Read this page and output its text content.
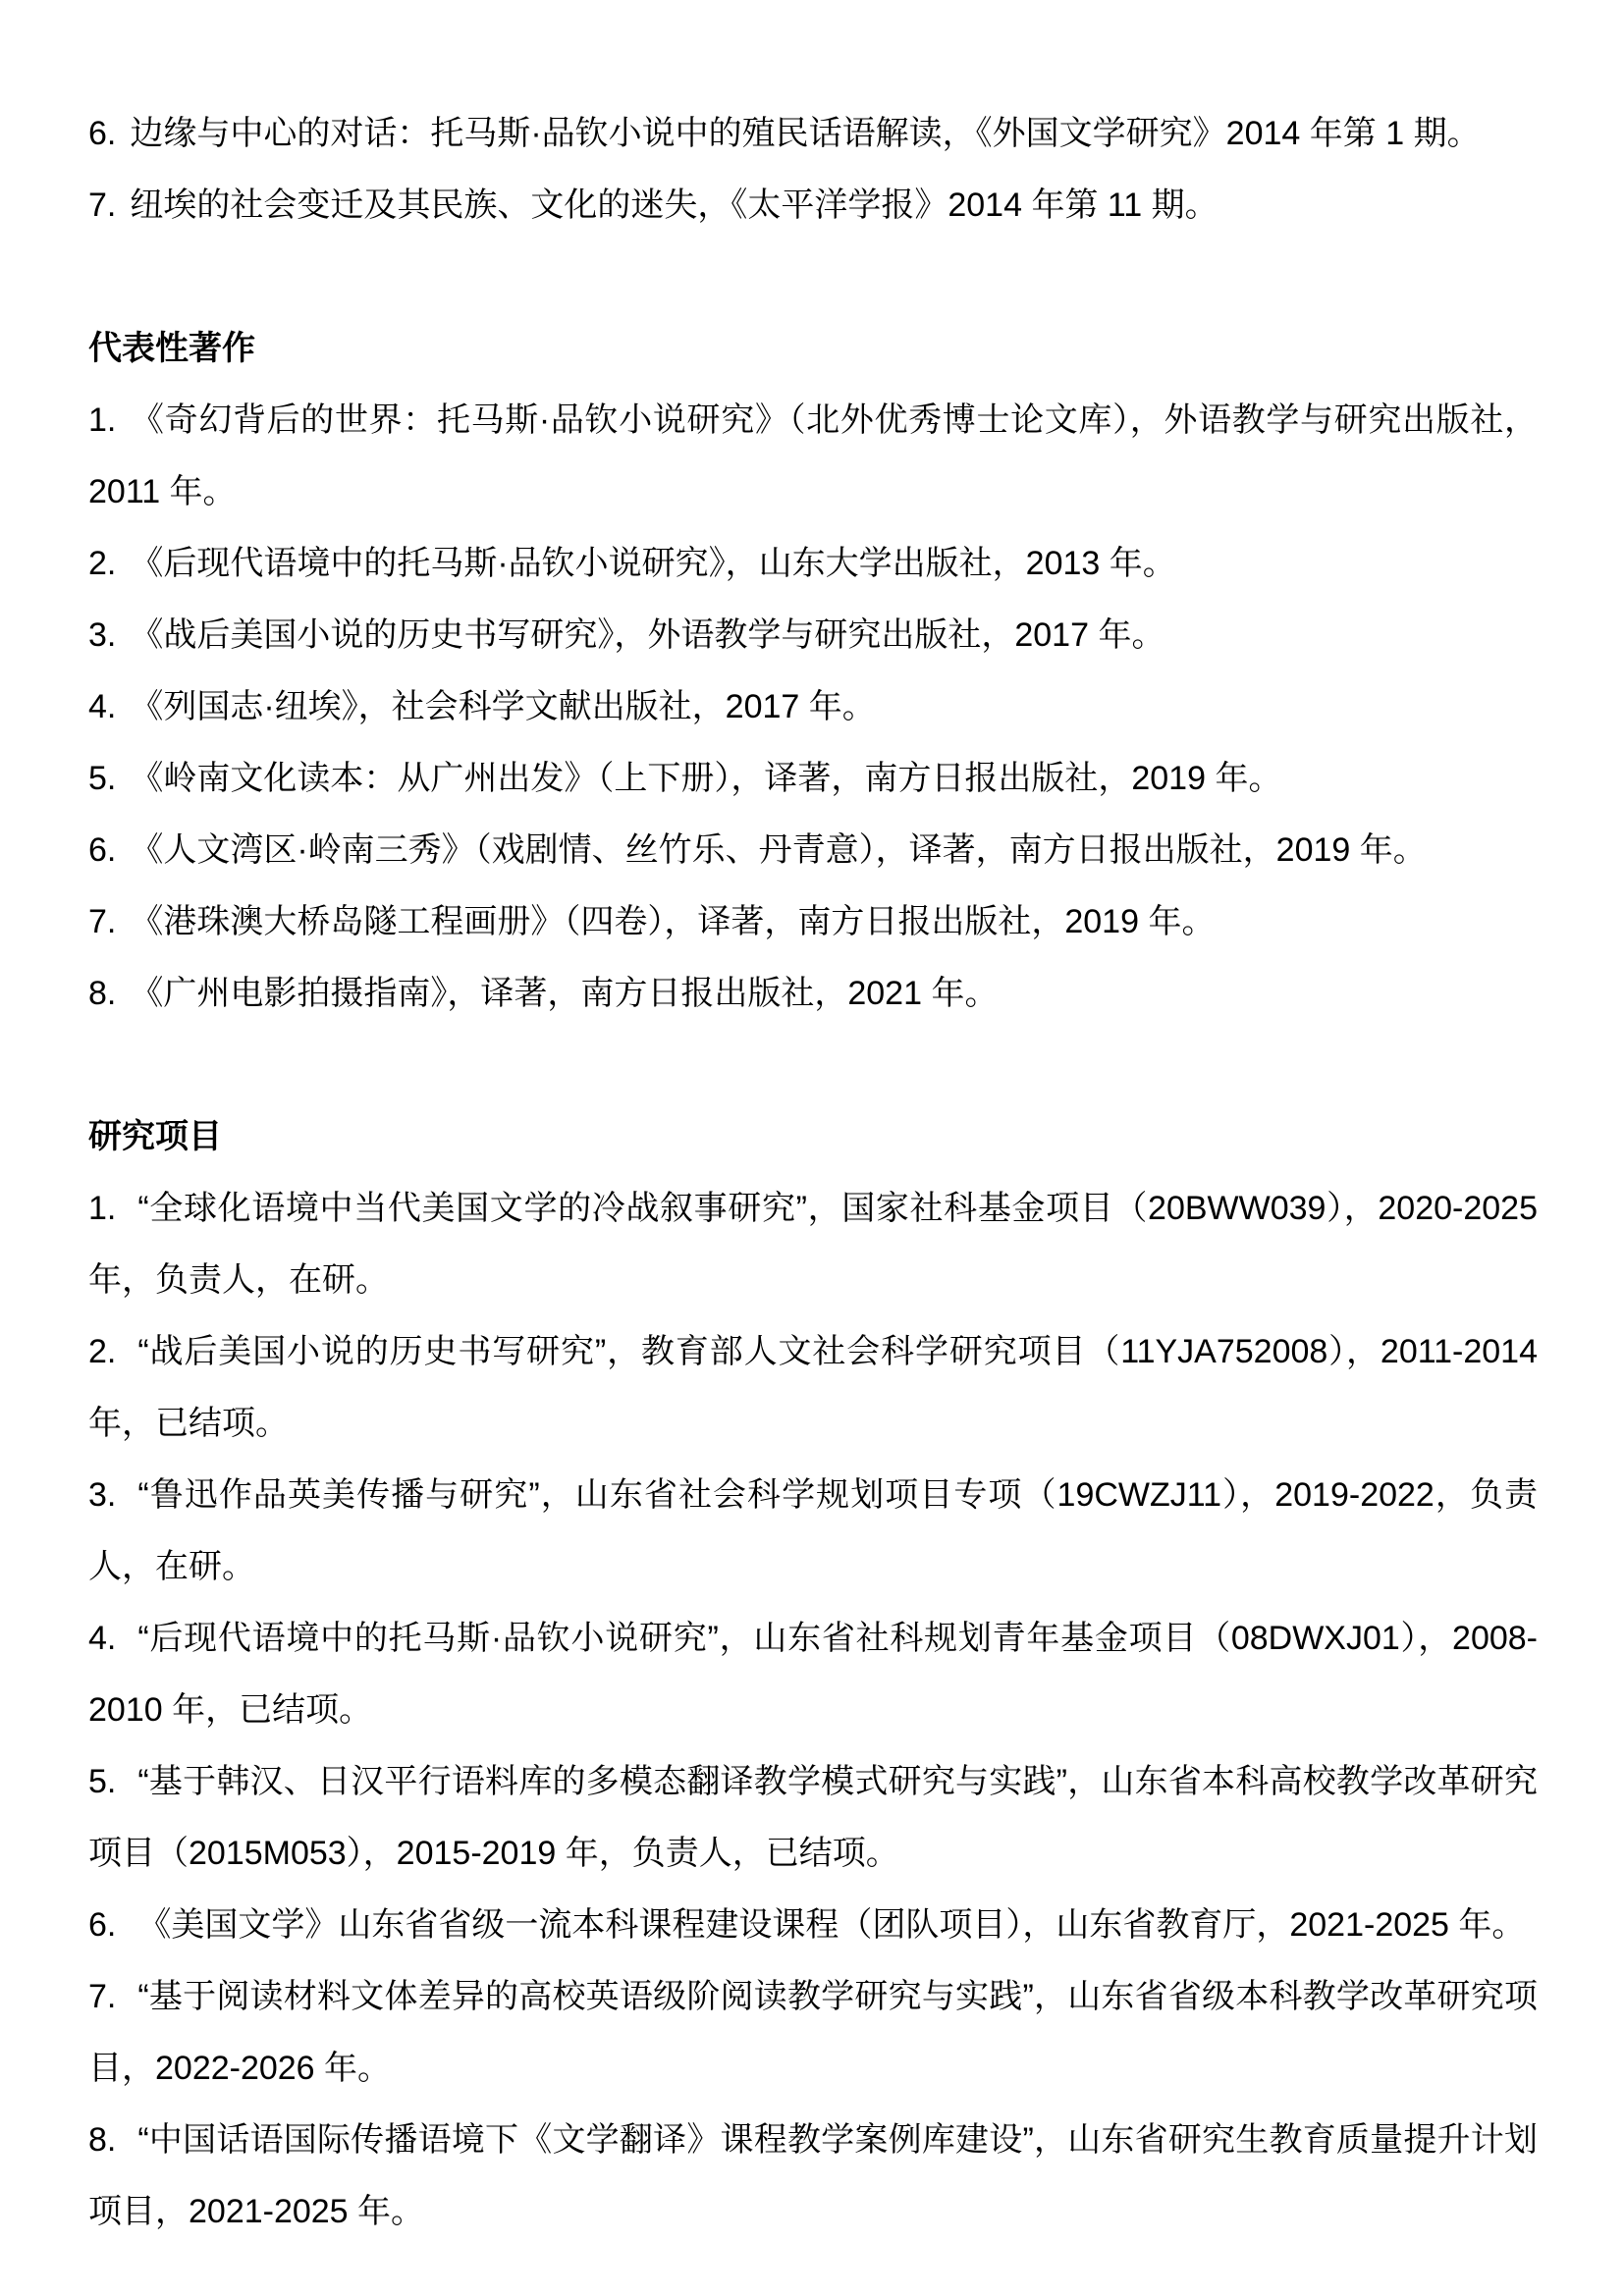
6. 边缘与中心的对话：托马斯·品钦小说中的殖民话语解读，《外国文学研究》2014 年第 1 期。

7. 纽埃的社会变迁及其民族、文化的迷失，《太平洋学报》2014 年第 11 期。

代表性著作

1. 《奇幻背后的世界：托马斯·品钦小说研究》（北外优秀博士论文库），外语教学与研究出版社，2011 年。

2. 《后现代语境中的托马斯·品钦小说研究》，山东大学出版社，2013 年。

3. 《战后美国小说的历史书写研究》，外语教学与研究出版社，2017 年。

4. 《列国志·纽埃》，社会科学文献出版社，2017 年。

5. 《岭南文化读本：从广州出发》（上下册），译著，南方日报出版社，2019 年。

6. 《人文湾区·岭南三秀》（戏剧情、丝竹乐、丹青意），译著，南方日报出版社，2019 年。

7. 《港珠澳大桥岛隧工程画册》（四卷），译著，南方日报出版社，2019 年。

8. 《广州电影拍摄指南》，译著，南方日报出版社，2021 年。

研究项目

1. “全球化语境中当代美国文学的冷战叙事研究”，国家社科基金项目（20BWW039），2020-2025 年，负责人，在研。

2. “战后美国小说的历史书写研究”，教育部人文社会科学研究项目（11YJA752008），2011-2014 年，已结项。

3. “鲁迅作品英美传播与研究”，山东省社会科学规划项目专项（19CWZJ11），2019-2022，负责人，在研。

4. “后现代语境中的托马斯·品钦小说研究”，山东省社科规划青年基金项目（08DWXJ01），2008-2010 年，已结项。

5. “基于韩汉、日汉平行语料库的多模态翻译教学模式研究与实践”，山东省本科高校教学改革研究项目（2015M053），2015-2019 年，负责人，已结项。

6. 《美国文学》山东省省级一流本科课程建设课程（团队项目），山东省教育厅，2021-2025 年。

7. “基于阅读材料文体差异的高校英语级阶阅读教学研究与实践”，山东省省级本科教学改革研究项目，2022-2026 年。

8. “中国话语国际传播语境下《文学翻译》课程教学案例库建设”，山东省研究生教育质量提升计划项目，2021-2025 年。
